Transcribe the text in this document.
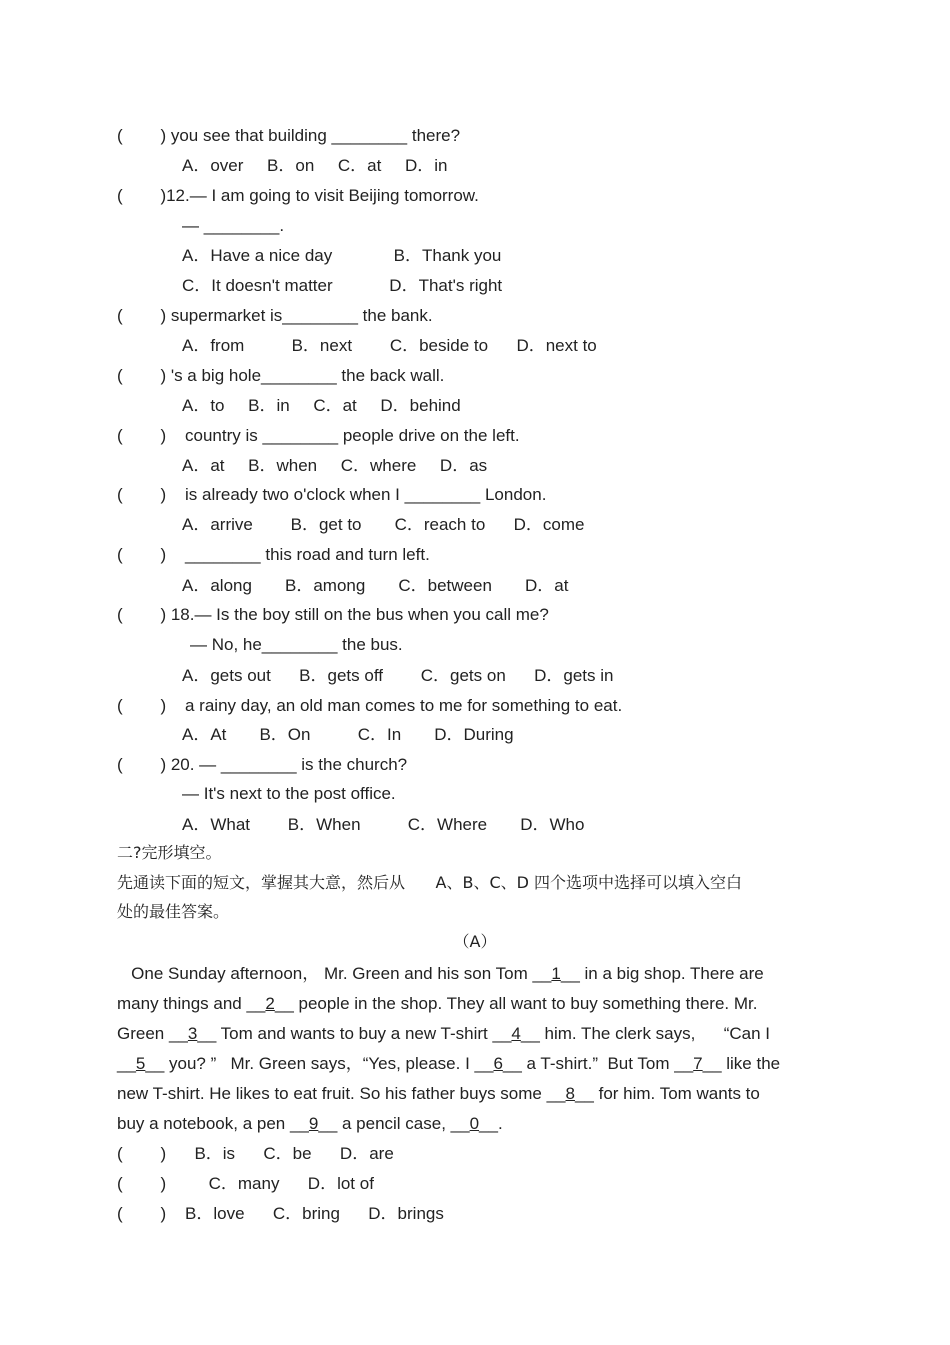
(        ) you see that building ________ there?
A．over     B．on     C．at     D．in
(        )12.— I am going to visit Beijing tomorrow.
— ________.
A．Have a nice day             B．Thank you
C．It doesn't matter            D．That's right
(        ) supermarket is________ the bank.
A．from          B．next        C．beside to      D．next to
(        ) 's a big hole________ the back wall.
A．to     B．in     C．at     D．behind
(        )    country is ________ people drive on the left.
A．at     B．when     C．where     D．as
(        )    is already two o'clock when I ________ London.
A．arrive        B．get to       C．reach to      D．come
(        )    ________ this road and turn left.
A．along       B．among       C．between       D．at
(        ) 18.— Is the boy still on the bus when you call me?
— No, he________ the bus.
A．gets out      B．gets off        C．gets on      D．gets in
(        )    a rainy day, an old man comes to me for something to eat.
A．At       B．On          C．In       D．During
(        ) 20. — ________ is the church?
— It's next to the post office.
A．What        B．When          C．Where       D．Who
二?完形填空。
先通读下面的短文，掌握其大意，然后从      A、B、C、D 四个选项中选择可以填入空白
处的最佳答案。
（A）
One Sunday afternoon， Mr. Green and his son Tom __1__ in a big shop. There are
many things and __2__ people in the shop. They all want to buy something there. Mr.
Green __3__ Tom and wants to buy a new T-shirt __4__ him. The clerk says,      “Can I
__5__ you? ”   Mr. Green says，“Yes, please. I __6__ a T-shirt.”  But Tom __7__ like the
new T-shirt. He likes to eat fruit. So his father buys some __8__ for him. Tom wants to
buy a notebook, a pen __9__ a pencil case, __0__.
(        )      B．is      C．be      D．are
(        )         C．many      D．lot of
(        )    B．love      C．bring      D．brings
